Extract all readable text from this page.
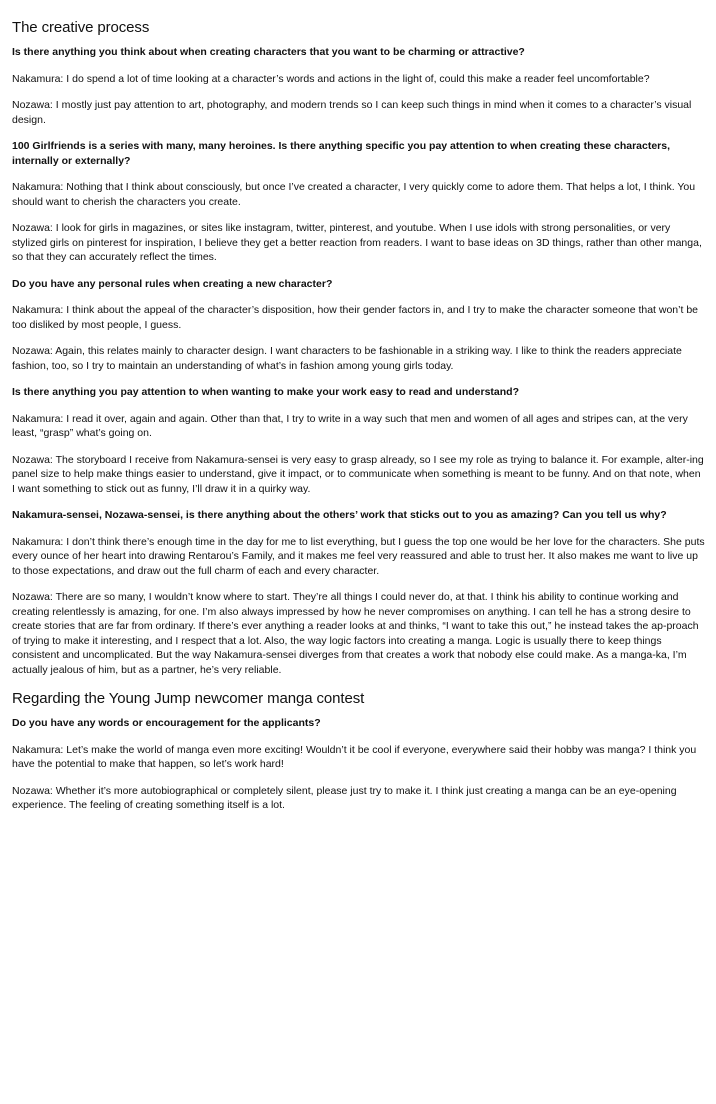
The creative process

Is there anything you think about when creating characters that you want to be charming or attractive?

Nakamura: I do spend a lot of time looking at a character’s words and actions in the light of, could this make a reader feel uncomfortable?

Nozawa: I mostly just pay attention to art, photography, and modern trends so I can keep such things in mind when it comes to a character’s visual design.

100 Girlfriends is a series with many, many heroines. Is there anything specific you pay attention to when creating these characters, internally or externally?

Nakamura: Nothing that I think about consciously, but once I’ve created a character, I very quickly come to adore them. That helps a lot, I think. You should want to cherish the characters you create.

Nozawa: I look for girls in magazines, or sites like instagram, twitter, pinterest, and youtube. When I use idols with strong personalities, or very stylized girls on pinterest for inspiration, I believe they get a better reaction from readers. I want to base ideas on 3D things, rather than other manga, so that they can accurately reflect the times.

Do you have any personal rules when creating a new character?

Nakamura: I think about the appeal of the character’s disposition, how their gender factors in, and I try to make the character someone that won’t be too disliked by most people, I guess.

Nozawa: Again, this relates mainly to character design. I want characters to be fashionable in a striking way. I like to think the readers appreciate fashion, too, so I try to maintain an understanding of what’s in fashion among young girls today.

Is there anything you pay attention to when wanting to make your work easy to read and understand?

Nakamura: I read it over, again and again. Other than that, I try to write in a way such that men and women of all ages and stripes can, at the very least, “grasp” what’s going on.

Nozawa: The storyboard I receive from Nakamura-sensei is very easy to grasp already, so I see my role as trying to balance it. For example, alter-ing panel size to help make things easier to understand, give it impact, or to communicate when something is meant to be funny. And on that note, when I want something to stick out as funny, I’ll draw it in a quirky way.

Nakamura-sensei, Nozawa-sensei, is there anything about the others’ work that sticks out to you as amazing? Can you tell us why?

Nakamura: I don’t think there’s enough time in the day for me to list everything, but I guess the top one would be her love for the characters. She puts every ounce of her heart into drawing Rentarou’s Family, and it makes me feel very reassured and able to trust her. It also makes me want to live up to those expectations, and draw out the full charm of each and every character.

Nozawa: There are so many, I wouldn’t know where to start. They’re all things I could never do, at that. I think his ability to continue working and creating relentlessly is amazing, for one. I’m also always impressed by how he never compromises on anything. I can tell he has a strong desire to create stories that are far from ordinary. If there’s ever anything a reader looks at and thinks, “I want to take this out,” he instead takes the ap-proach of trying to make it interesting, and I respect that a lot. Also, the way logic factors into creating a manga. Logic is usually there to keep things consistent and uncomplicated. But the way Nakamura-sensei diverges from that creates a work that nobody else could make. As a manga-ka, I’m actually jealous of him, but as a partner, he’s very reliable.

Regarding the Young Jump newcomer manga contest

Do you have any words or encouragement for the applicants?

Nakamura: Let’s make the world of manga even more exciting! Wouldn’t it be cool if everyone, everywhere said their hobby was manga? I think you have the potential to make that happen, so let’s work hard!

Nozawa: Whether it’s more autobiographical or completely silent, please just try to make it. I think just creating a manga can be an eye-opening experience. The feeling of creating something itself is a lot.
